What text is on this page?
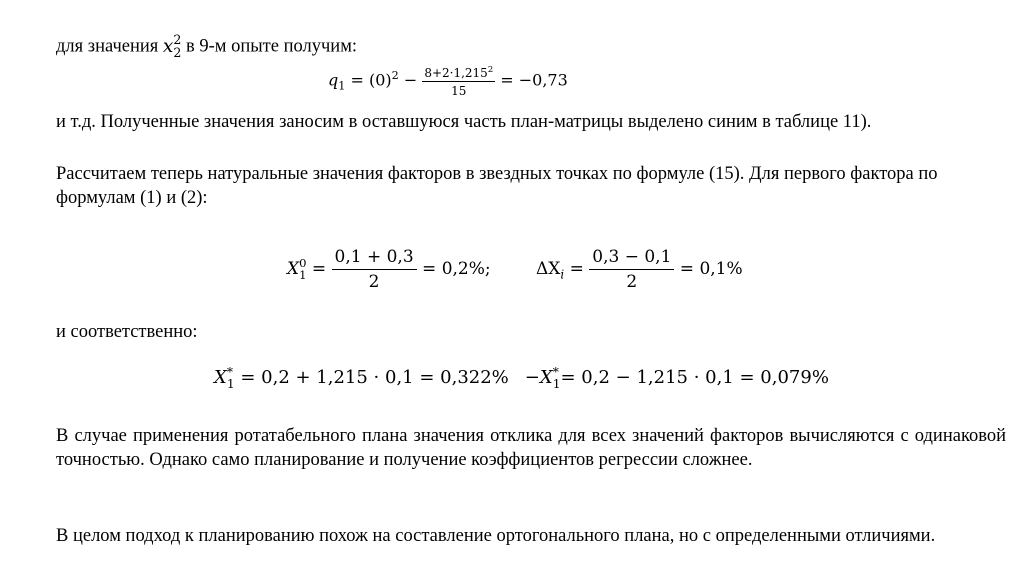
для значения x 2
2 в 9-м опыте получим:
$q_1 = (0)^2 - \frac{8+2\cdot 1,215^2}{15} = -0,73$
и т.д. Полученные значения заносим в оставшуюся часть план-матрицы выделено синим в таблице 11).
Рассчитаем теперь натуральные значения факторов в звездных точках по формуле (15). Для первого фактора по формулам (1) и (2):
X 0
$1 = \frac{0,1 + 0,3}{2} = 0,2\%$;	$\Delta X_i = \frac{0,3 - 0,1}{2} = 0,1\%$
и соответственно:
X *
1 = 0,2 + 1,215 · 0,1 = 0,322% −X *
1 = 0,2 − 1,215 · 0,1 = 0,079%
В случае применения ротатабельного плана значения отклика для всех значений факторов вычисляются с одинаковой точностью. Однако само планирование и получение коэффициентов регрессии сложнее.
В целом подход к планированию похож на составление ортогонального плана, но с определенными отличиями.
